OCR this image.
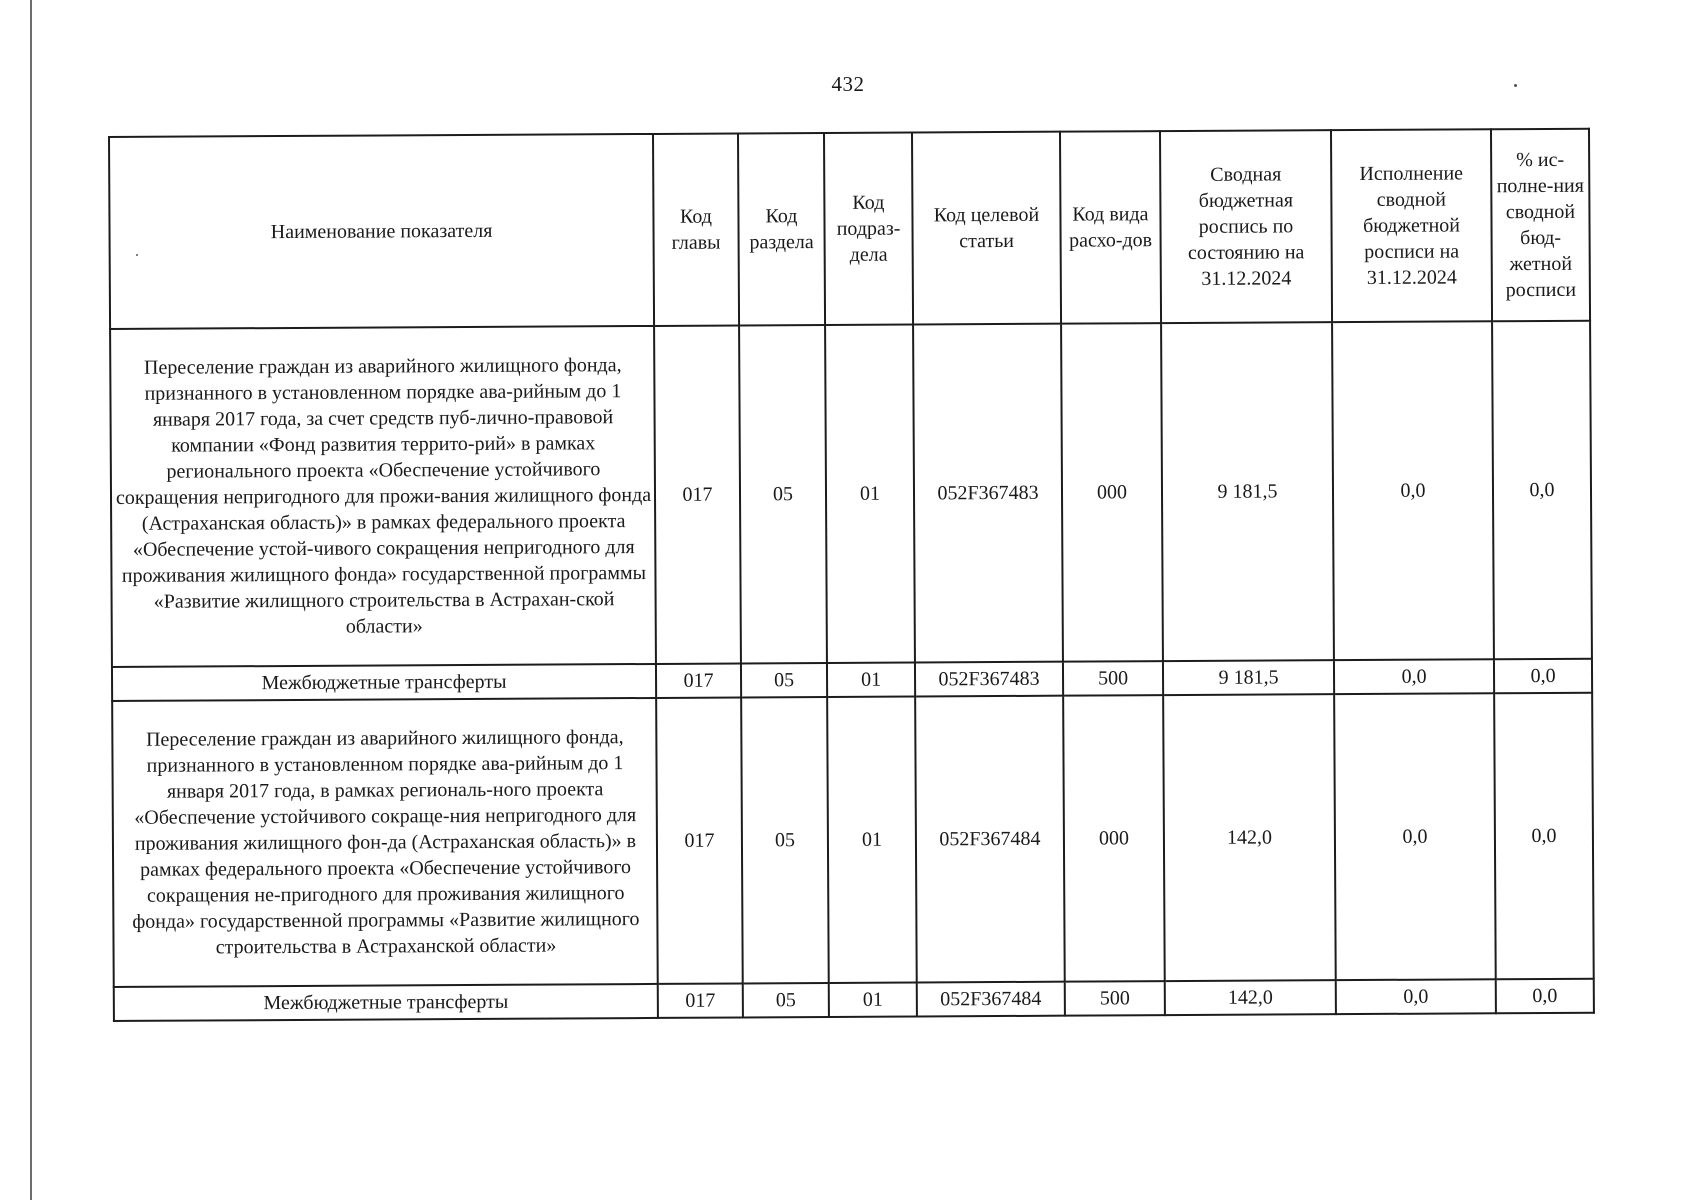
432
Наименование показателя	Код главы	Код раздела	Код подраз-дела	Код целевой статьи	Код вида расхо-дов	Сводная бюджетная роспись по состоянию на 31.12.2024	Исполнение сводной бюджетной росписи на 31.12.2024	% ис-полне-ния сводной бюд-жетной росписи
Переселение граждан из аварийного жилищного фонда, признанного в установленном порядке ава-рийным до 1 января 2017 года, за счет средств пуб-лично-правовой компании «Фонд развития террито-рий» в рамках регионального проекта «Обеспечение устойчивого сокращения непригодного для прожи-вания жилищного фонда (Астраханская область)» в рамках федерального проекта «Обеспечение устой-чивого сокращения непригодного для проживания жилищного фонда» государственной программы «Развитие жилищного строительства в Астрахан-ской области»	017	05	01	052F367483	000	9 181,5	0,0	0,0
Межбюджетные трансферты	017	05	01	052F367483	500	9 181,5	0,0	0,0
Переселение граждан из аварийного жилищного фонда, признанного в установленном порядке ава-рийным до 1 января 2017 года, в рамках региональ-ного проекта «Обеспечение устойчивого сокраще-ния непригодного для проживания жилищного фон-да (Астраханская область)» в рамках федерального проекта «Обеспечение устойчивого сокращения не-пригодного для проживания жилищного фонда» государственной программы «Развитие жилищного строительства в Астраханской области»	017	05	01	052F367484	000	142,0	0,0	0,0
Межбюджетные трансферты	017	05	01	052F367484	500	142,0	0,0	0,0
